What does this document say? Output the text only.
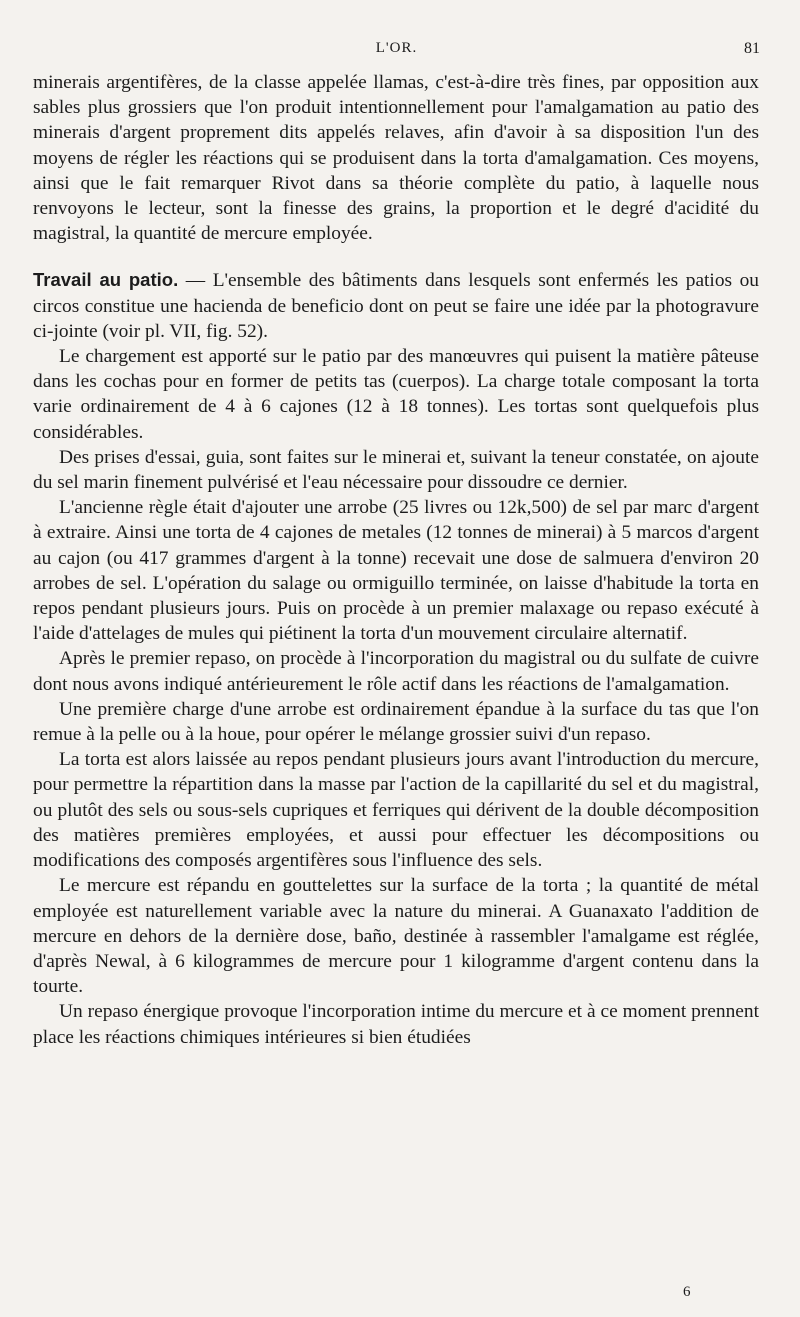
L'OR.	81

minerais argentifères, de la classe appelée llamas, c'est-à-dire très fines, par opposition aux sables plus grossiers que l'on produit intentionnellement pour l'amalgamation au patio des minerais d'argent proprement dits appelés relaves, afin d'avoir à sa disposition l'un des moyens de régler les réactions qui se produisent dans la torta d'amalgamation. Ces moyens, ainsi que le fait remarquer Rivot dans sa théorie complète du patio, à laquelle nous renvoyons le lecteur, sont la finesse des grains, la proportion et le degré d'acidité du magistral, la quantité de mercure employée.

Travail au patio. — L'ensemble des bâtiments dans lesquels sont enfermés les patios ou circos constitue une hacienda de beneficio dont on peut se faire une idée par la photogravure ci-jointe (voir pl. VII, fig. 52).

Le chargement est apporté sur le patio par des manœuvres qui puisent la matière pâteuse dans les cochas pour en former de petits tas (cuerpos). La charge totale composant la torta varie ordinairement de 4 à 6 cajones (12 à 18 tonnes). Les tortas sont quelquefois plus considérables.

Des prises d'essai, guia, sont faites sur le minerai et, suivant la teneur constatée, on ajoute du sel marin finement pulvérisé et l'eau nécessaire pour dissoudre ce dernier.

L'ancienne règle était d'ajouter une arrobe (25 livres ou 12k,500) de sel par marc d'argent à extraire. Ainsi une torta de 4 cajones de metales (12 tonnes de minerai) à 5 marcos d'argent au cajon (ou 417 grammes d'argent à la tonne) recevait une dose de salmuera d'environ 20 arrobes de sel. L'opération du salage ou ormiguillo terminée, on laisse d'habitude la torta en repos pendant plusieurs jours. Puis on procède à un premier malaxage ou repaso exécuté à l'aide d'attelages de mules qui piétinent la torta d'un mouvement circulaire alternatif.

Après le premier repaso, on procède à l'incorporation du magistral ou du sulfate de cuivre dont nous avons indiqué antérieurement le rôle actif dans les réactions de l'amalgamation.

Une première charge d'une arrobe est ordinairement épandue à la surface du tas que l'on remue à la pelle ou à la houe, pour opérer le mélange grossier suivi d'un repaso.

La torta est alors laissée au repos pendant plusieurs jours avant l'introduction du mercure, pour permettre la répartition dans la masse par l'action de la capillarité du sel et du magistral, ou plutôt des sels ou sous-sels cupriques et ferriques qui dérivent de la double décomposition des matières premières employées, et aussi pour effectuer les décompositions ou modifications des composés argentifères sous l'influence des sels.

Le mercure est répandu en gouttelettes sur la surface de la torta ; la quantité de métal employée est naturellement variable avec la nature du minerai. A Guanaxato l'addition de mercure en dehors de la dernière dose, baño, destinée à rassembler l'amalgame est réglée, d'après Newal, à 6 kilogrammes de mercure pour 1 kilogramme d'argent contenu dans la tourte.

Un repaso énergique provoque l'incorporation intime du mercure et à ce moment prennent place les réactions chimiques intérieures si bien étudiées

6
